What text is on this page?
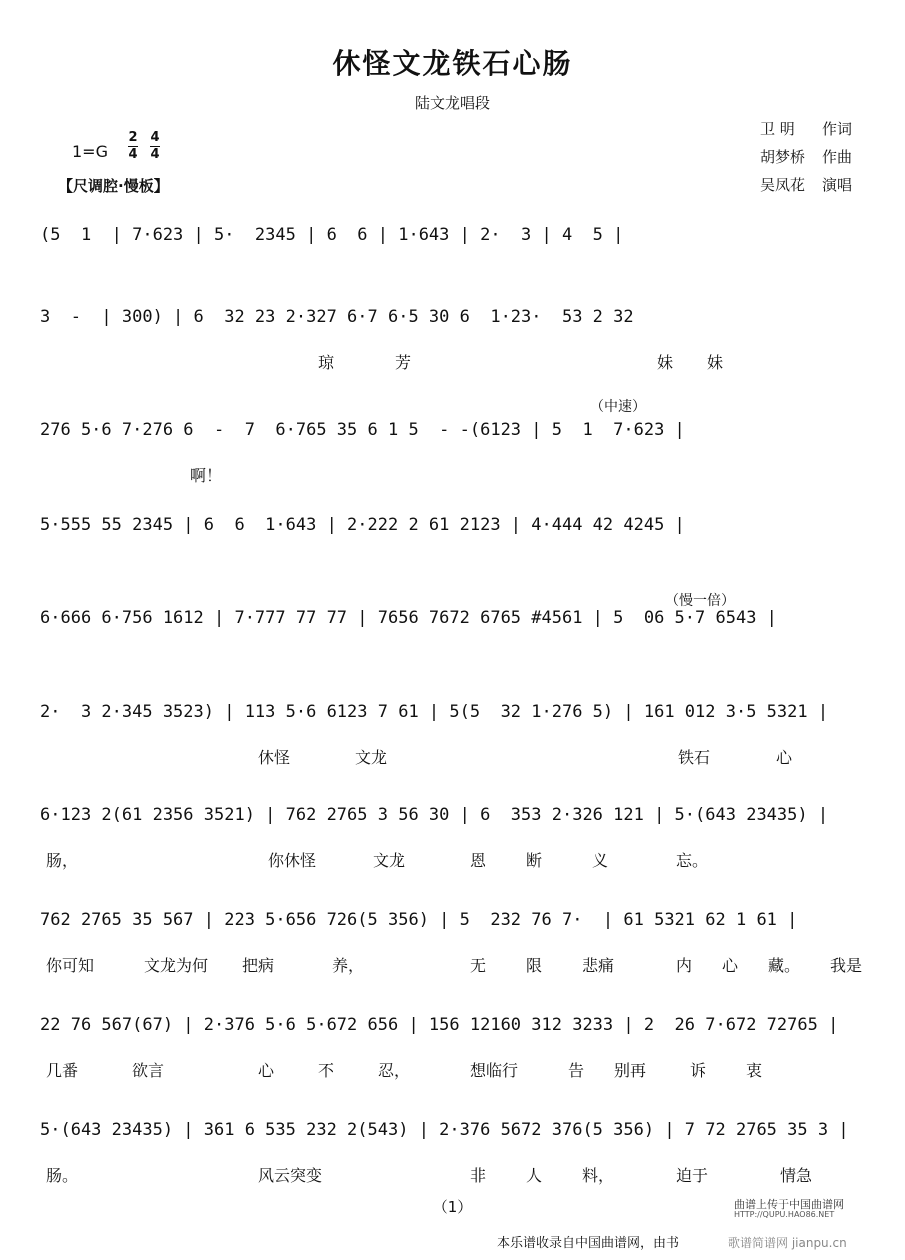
休怪文龙铁石心肠
陆文龙唱段
1=G
2
4
4
4
【尺调腔·慢板】
卫 明 作词
胡梦桥 作曲
吴凤花 演唱
（中速）
（慢一倍）
(5  1  | 7·623 | 5·  2345 | 6  6 | 1·643 | 2·  3 | 4  5 |
3  -  | 300) | 6  32 23 2·327 6·7 6·5 30 6  1·23·  53 2 32
琼	芳	妹 妹
276 5·6 7·276 6  -  7  6·765 35 6 1 5  - -(6123 | 5  1  7·623 |
啊！
5·555 55 2345 | 6  6  1·643 | 2·222 2 61 2123 | 4·444 42 4245 |
6·666 6·756 1612 | 7·777 77 77 | 7656 7672 6765 #4561 | 5  06 5·7 6543 |
2·  3 2·345 3523) | 113 5·6 6123 7 61 | 5(5  32 1·276 5) | 161 012 3·5 5321 |
休怪	文龙	铁石	心
6·123 2(61 2356 3521) | 762 2765 3 56 30 | 6  353 2·326 121 | 5·(643 23435) |
肠，	你休怪	文龙	恩 断	义	忘。
762 2765 35 567 | 223 5·656 726(5 356) | 5  232 76 7·  | 61 5321 62 1 61 |
你可知	文龙为何 把病	养，	无 限 悲痛	内 心 藏。 我是
22 76 567(67) | 2·376 5·6 5·672 656 | 156 12160 312 3233 | 2  26 7·672 72765 |
几番	欲言	心	不	忍，	想临行	告 别再	诉 衷
5·(643 23435) | 361 6 535 232 2(543) | 2·376 5672 376(5 356) | 7 72 2765 35 3 |
肠。	风云突变	非 人 料，	迫于	情急
（1）
本乐谱收录自中国曲谱网，由书
曲谱上传于中国曲谱网
HTTP://QUPU.HAO86.NET
歌谱简谱网 jianpu.cn
